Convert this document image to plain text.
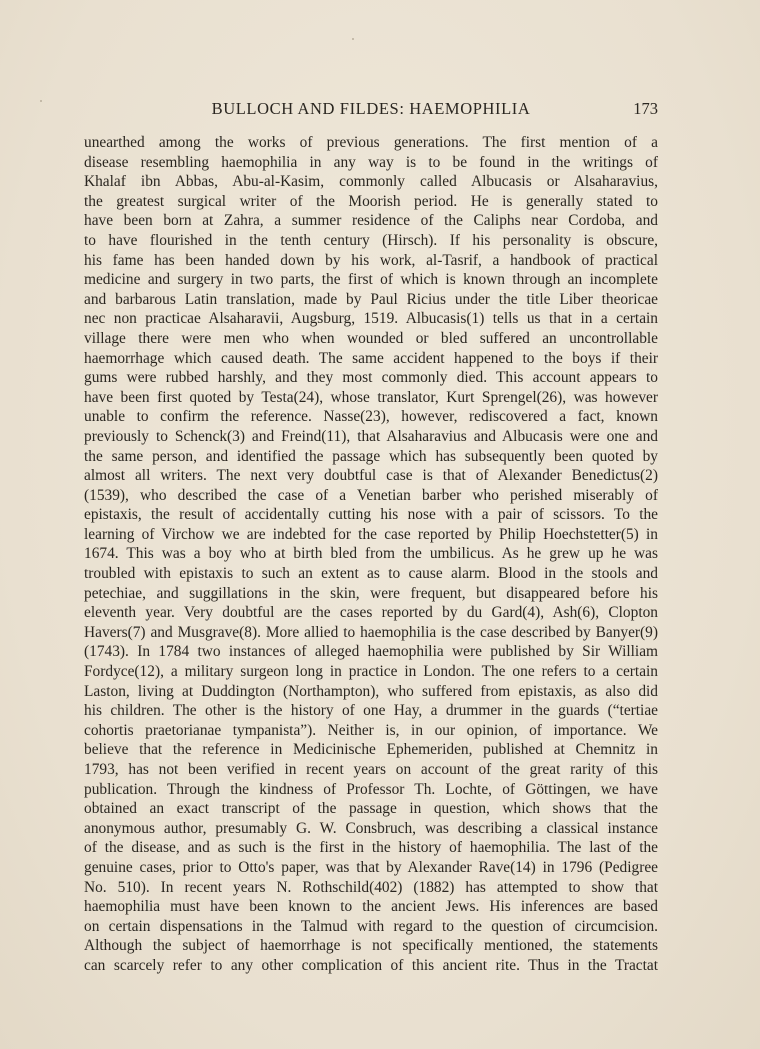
BULLOCH AND FILDES: HAEMOPHILIA	173
unearthed among the works of previous generations. The first mention of a
disease resembling haemophilia in any way is to be found in the writings of
Khalaf ibn Abbas, Abu-al-Kasim, commonly called Albucasis or Alsaharavius,
the greatest surgical writer of the Moorish period. He is generally stated to
have been born at Zahra, a summer residence of the Caliphs near Cordoba, and
to have flourished in the tenth century (Hirsch). If his personality is obscure,
his fame has been handed down by his work, al-Tasrif, a handbook of practical
medicine and surgery in two parts, the first of which is known through an incomplete
and barbarous Latin translation, made by Paul Ricius under the title Liber theoricae
nec non practicae Alsaharavii, Augsburg, 1519. Albucasis(1) tells us that in a certain
village there were men who when wounded or bled suffered an uncontrollable
haemorrhage which caused death. The same accident happened to the boys if their
gums were rubbed harshly, and they most commonly died. This account appears to
have been first quoted by Testa(24), whose translator, Kurt Sprengel(26), was however
unable to confirm the reference. Nasse(23), however, rediscovered a fact, known
previously to Schenck(3) and Freind(11), that Alsaharavius and Albucasis were one and
the same person, and identified the passage which has subsequently been quoted by
almost all writers. The next very doubtful case is that of Alexander Benedictus(2)
(1539), who described the case of a Venetian barber who perished miserably of
epistaxis, the result of accidentally cutting his nose with a pair of scissors. To the
learning of Virchow we are indebted for the case reported by Philip Hoechstetter(5) in
1674. This was a boy who at birth bled from the umbilicus. As he grew up he was
troubled with epistaxis to such an extent as to cause alarm. Blood in the stools and
petechiae, and suggillations in the skin, were frequent, but disappeared before his
eleventh year. Very doubtful are the cases reported by du Gard(4), Ash(6), Clopton
Havers(7) and Musgrave(8). More allied to haemophilia is the case described by Banyer(9)
(1743). In 1784 two instances of alleged haemophilia were published by Sir William
Fordyce(12), a military surgeon long in practice in London. The one refers to a certain
Laston, living at Duddington (Northampton), who suffered from epistaxis, as also did
his children. The other is the history of one Hay, a drummer in the guards (“tertiae
cohortis praetorianae tympanista”). Neither is, in our opinion, of importance. We
believe that the reference in Medicinische Ephemeriden, published at Chemnitz in
1793, has not been verified in recent years on account of the great rarity of this
publication. Through the kindness of Professor Th. Lochte, of Göttingen, we have
obtained an exact transcript of the passage in question, which shows that the
anonymous author, presumably G. W. Consbruch, was describing a classical instance
of the disease, and as such is the first in the history of haemophilia. The last of the
genuine cases, prior to Otto's paper, was that by Alexander Rave(14) in 1796 (Pedigree
No. 510). In recent years N. Rothschild(402) (1882) has attempted to show that
haemophilia must have been known to the ancient Jews. His inferences are based
on certain dispensations in the Talmud with regard to the question of circumcision.
Although the subject of haemorrhage is not specifically mentioned, the statements
can scarcely refer to any other complication of this ancient rite. Thus in the Tractat
